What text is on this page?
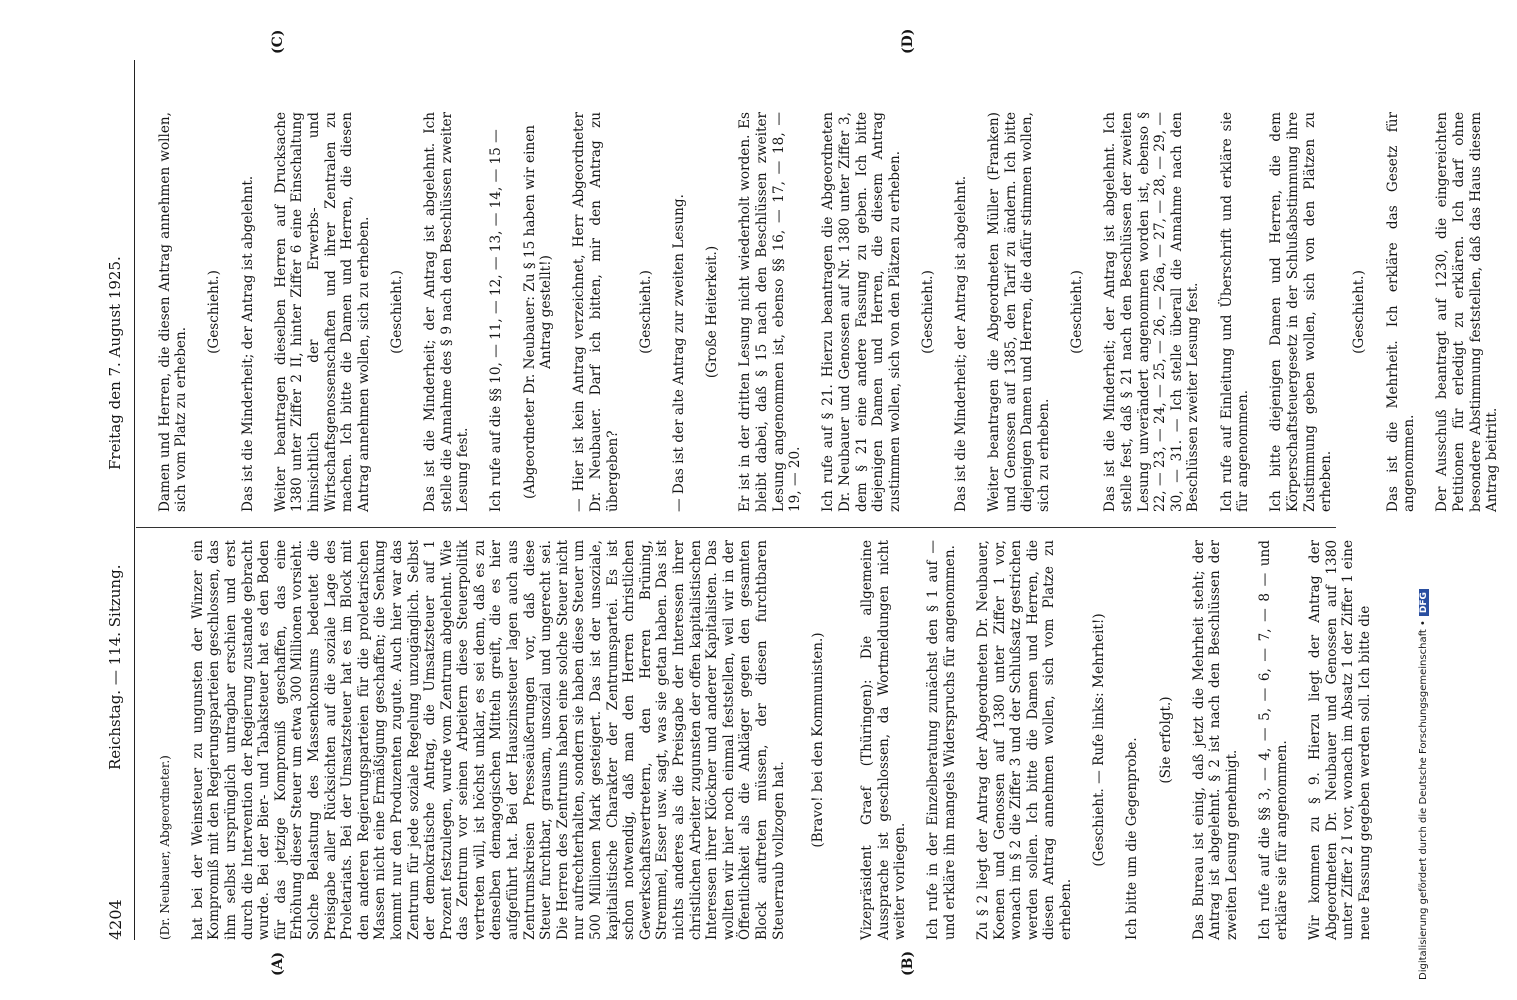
4204
Reichstag. — 114. Sitzung.
Freitag den 7. August 1925.
(A)	(B)
(C)	(D)

(Dr. Neubauer, Abgeordneter.) hat bei der Weinsteuer zu ungunsten der Winzer ein Kompromiß mit den Regierungsparteien geschlossen, das ihm selbst ursprünglich untragbar erschien und erst durch die Intervention der Regierung zustande gebracht wurde. Bei der Bier- und Tabaksteuer hat es den Boden für das jetzige Kompromiß geschaffen, das eine Erhöhung dieser Steuer um etwa 300 Millionen vorsieht. Solche Belastung des Massenkonsums bedeutet die Preisgabe aller Rücksichten auf die soziale Lage des Proletariats. Bei der Umsatzsteuer hat es im Block mit den anderen Regierungsparteien für die proletarischen Massen nicht eine Ermäßigung geschaffen; die Senkung kommt nur den Produzenten zugute. Auch hier war das Zentrum für jede soziale Regelung unzugänglich. Selbst der demokratische Antrag, die Umsatzsteuer auf 1 Prozent festzulegen, wurde vom Zentrum abgelehnt. Wie das Zentrum vor seinen Arbeitern diese Steuerpolitik vertreten will, ist höchst unklar, es sei denn, daß es zu denselben demagogischen Mitteln greift, die es hier aufgeführt hat. Bei der Hauszinssteuer lagen auch aus Zentrumskreisen Presseäußerungen vor, daß diese Steuer furchtbar, grausam, unsozial und ungerecht sei. Die Herren des Zentrums haben eine solche Steuer nicht nur aufrechterhalten, sondern sie haben diese Steuer um 500 Millionen Mark gesteigert. Das ist der unsoziale, kapitalistische Charakter der Zentrumspartei. Es ist schon notwendig, daß man den Herren christlichen Gewerkschaftsvertretern, den Herren Brüning, Stremmel, Esser usw. sagt, was sie getan haben. Das ist nichts anderes als die Preisgabe der Interessen ihrer christlichen Arbeiter zugunsten der offen kapitalistischen Interessen ihrer Klöckner und anderer Kapitalisten. Das wollten wir hier noch einmal feststellen, weil wir in der Öffentlichkeit als die Ankläger gegen den gesamten Block auftreten müssen, der diesen furchtbaren Steuerraub vollzogen hat.

(Bravo! bei den Kommunisten.) Vizepräsident Graef (Thüringen): Die allgemeine Aussprache ist geschlossen, da Wortmeldungen nicht weiter vorliegen. Ich rufe in der Einzelberatung zunächst den § 1 auf — und erkläre ihn mangels Widerspruchs für angenommen. Zu § 2 liegt der Antrag der Abgeordneten Dr. Neubauer, Koenen und Genossen auf 1380 unter Ziffer 1 vor, wonach im § 2 die Ziffer 3 und der Schlußsatz gestrichen werden sollen. Ich bitte die Damen und Herren, die diesen Antrag annehmen wollen, sich vom Platze zu erheben.

(Geschieht. — Rufe links: Mehrheit!) Ich bitte um die Gegenprobe. (Sie erfolgt.) Das Bureau ist einig, daß jetzt die Mehrheit steht; der Antrag ist abgelehnt. § 2 ist nach den Beschlüssen der zweiten Lesung genehmigt. Ich rufe auf die §§ 3, — 4, — 5, — 6, — 7, — 8 — und erkläre sie für angenommen. Wir kommen zu § 9. Hierzu liegt der Antrag der Abgeordneten Dr. Neubauer und Genossen auf 1380 unter Ziffer 2 I vor, wonach im Absatz 1 der Ziffer 1 eine neue Fassung gegeben werden soll. Ich bitte die

Damen und Herren, die diesen Antrag annehmen wollen, sich vom Platz zu erheben.

(Geschieht.) Das ist die Minderheit; der Antrag ist abgelehnt. Weiter beantragen dieselben Herren auf Drucksache 1380 unter Ziffer 2 II, hinter Ziffer 6 eine Einschaltung hinsichtlich der Erwerbs- und Wirtschaftsgenossenschaften und ihrer Zentralen zu machen. Ich bitte die Damen und Herren, die diesen Antrag annehmen wollen, sich zu erheben. (Geschieht.) Das ist die Minderheit; der Antrag ist abgelehnt. Ich stelle die Annahme des § 9 nach den Beschlüssen zweiter Lesung fest. Ich rufe auf die §§ 10, — 11, — 12, — 13, — 14, — 15 — (Abgeordneter Dr. Neubauer: Zu § 15 haben wir einen Antrag gestellt!) — Hier ist kein Antrag verzeichnet, Herr Abgeordneter Dr. Neubauer. Darf ich bitten, mir den Antrag zu übergeben?

(Geschieht.) — Das ist der alte Antrag zur zweiten Lesung. (Große Heiterkeit.) Er ist in der dritten Lesung nicht wiederholt worden. Es bleibt dabei, daß § 15 nach den Beschlüssen zweiter Lesung angenommen ist, ebenso §§ 16, — 17, — 18, — 19, — 20. Ich rufe auf § 21. Hierzu beantragen die Abgeordneten Dr. Neubauer und Genossen auf Nr. 1380 unter Ziffer 3, dem § 21 eine andere Fassung zu geben. Ich bitte diejenigen Damen und Herren, die diesem Antrag zustimmen wollen, sich von den Plätzen zu erheben. (Geschieht.) Das ist die Minderheit; der Antrag ist abgelehnt. Weiter beantragen die Abgeordneten Müller (Franken) und Genossen auf 1385, den Tarif zu ändern. Ich bitte diejenigen Damen und Herren, die dafür stimmen wollen, sich zu erheben.

(Geschieht.) Das ist die Minderheit; der Antrag ist abgelehnt. Ich stelle fest, daß § 21 nach den Beschlüssen der zweiten Lesung unverändert angenommen worden ist, ebenso § 22, — 23, — 24, — 25, — 26, — 26a, — 27, — 28, — 29, — 30, — 31. — Ich stelle überall die Annahme nach den Beschlüssen zweiter Lesung fest. Ich rufe auf Einleitung und Überschrift und erkläre sie für angenommen. Ich bitte diejenigen Damen und Herren, die dem Körperschaftsteuergesetz in der Schlußabstimmung ihre Zustimmung geben wollen, sich von den Plätzen zu erheben.

(Geschieht.) Das ist die Mehrheit. Ich erkläre das Gesetz für angenommen. Der Ausschuß beantragt auf 1230, die eingereichten Petitionen für erledigt zu erklären. Ich darf ohne besondere Abstimmung feststellen, daß das Haus diesem Antrag beitritt.

Digitalisierung gefördert durch die Deutsche Forschungsgemeinschaft •DFG
